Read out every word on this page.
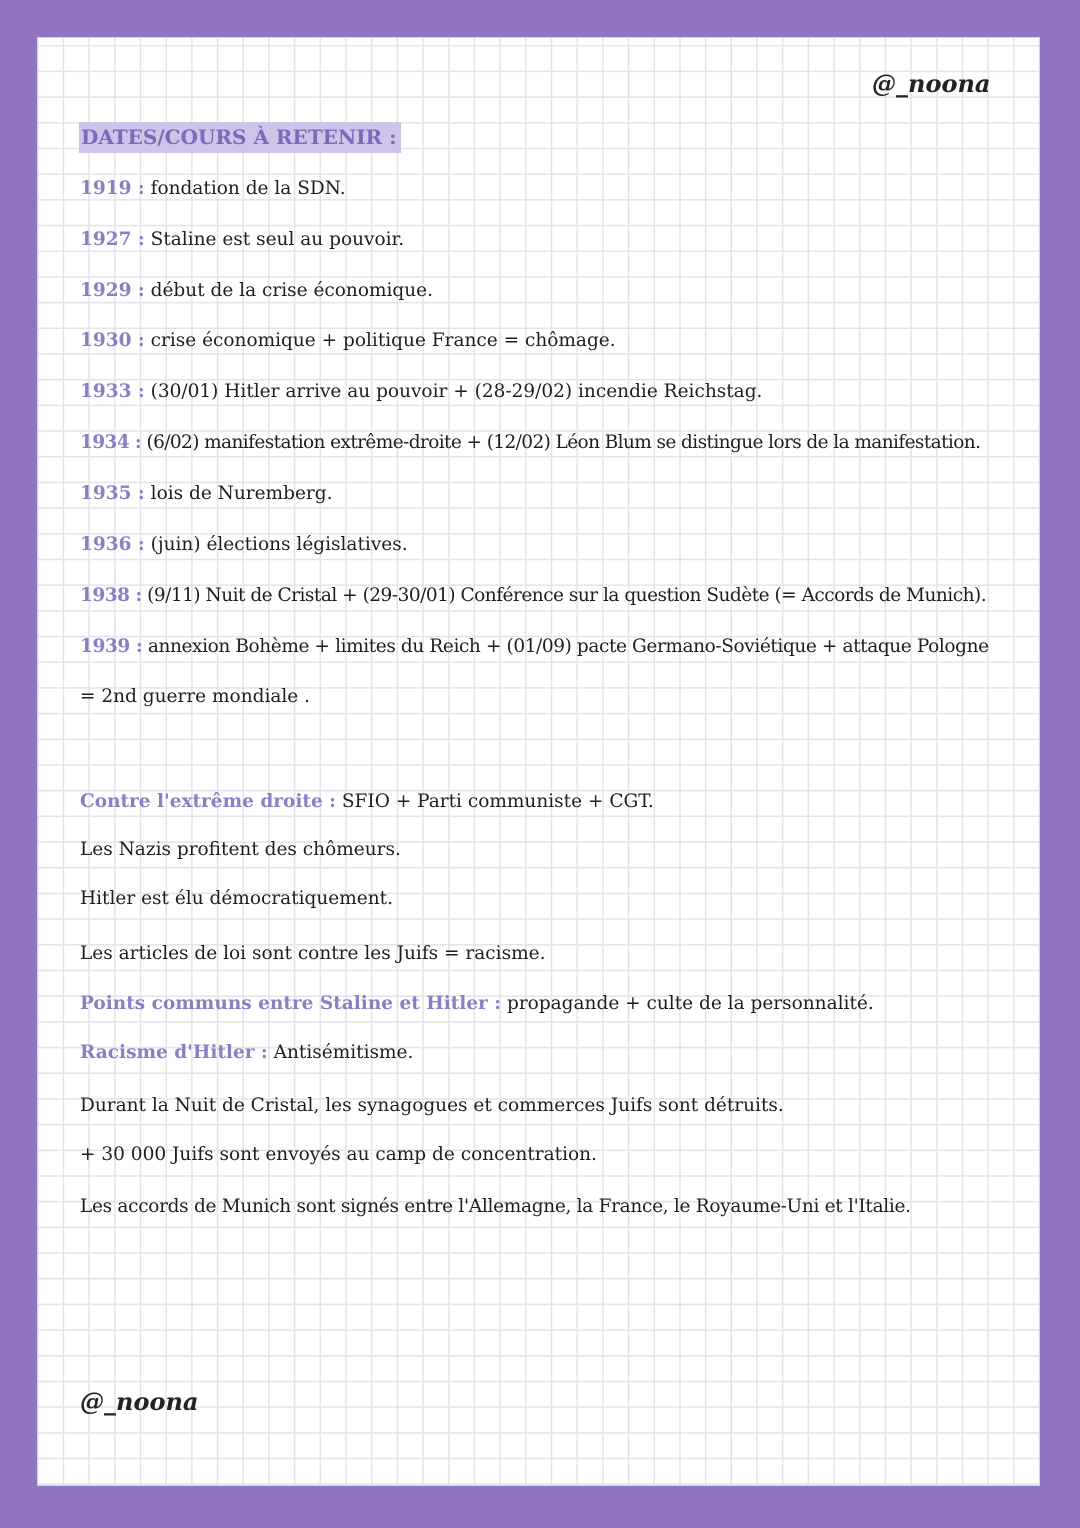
@_noona
DATES/COURS À RETENIR :
1919 : fondation de la SDN.
1927 : Staline est seul au pouvoir.
1929 : début de la crise économique.
1930 : crise économique + politique France = chômage.
1933 : (30/01) Hitler arrive au pouvoir + (28-29/02) incendie Reichstag.
1934 : (6/02) manifestation extrême-droite + (12/02) Léon Blum se distingue lors de la manifestation.
1935 : lois de Nuremberg.
1936 : (juin) élections législatives.
1938 : (9/11) Nuit de Cristal + (29-30/01) Conférence sur la question Sudète (= Accords de Munich).
1939 : annexion Bohème + limites du Reich + (01/09) pacte Germano-Soviétique + attaque Pologne
= 2nd guerre mondiale .
Contre l'extrême droite : SFIO + Parti communiste + CGT.
Les Nazis profitent des chômeurs.
Hitler est élu démocratiquement.
Les articles de loi sont contre les Juifs = racisme.
Points communs entre Staline et Hitler : propagande + culte de la personnalité.
Racisme d'Hitler : Antisémitisme.
Durant la Nuit de Cristal, les synagogues et commerces Juifs sont détruits.
+ 30 000 Juifs sont envoyés au camp de concentration.
Les accords de Munich sont signés entre l'Allemagne, la France, le Royaume-Uni et l'Italie.
@_noona
